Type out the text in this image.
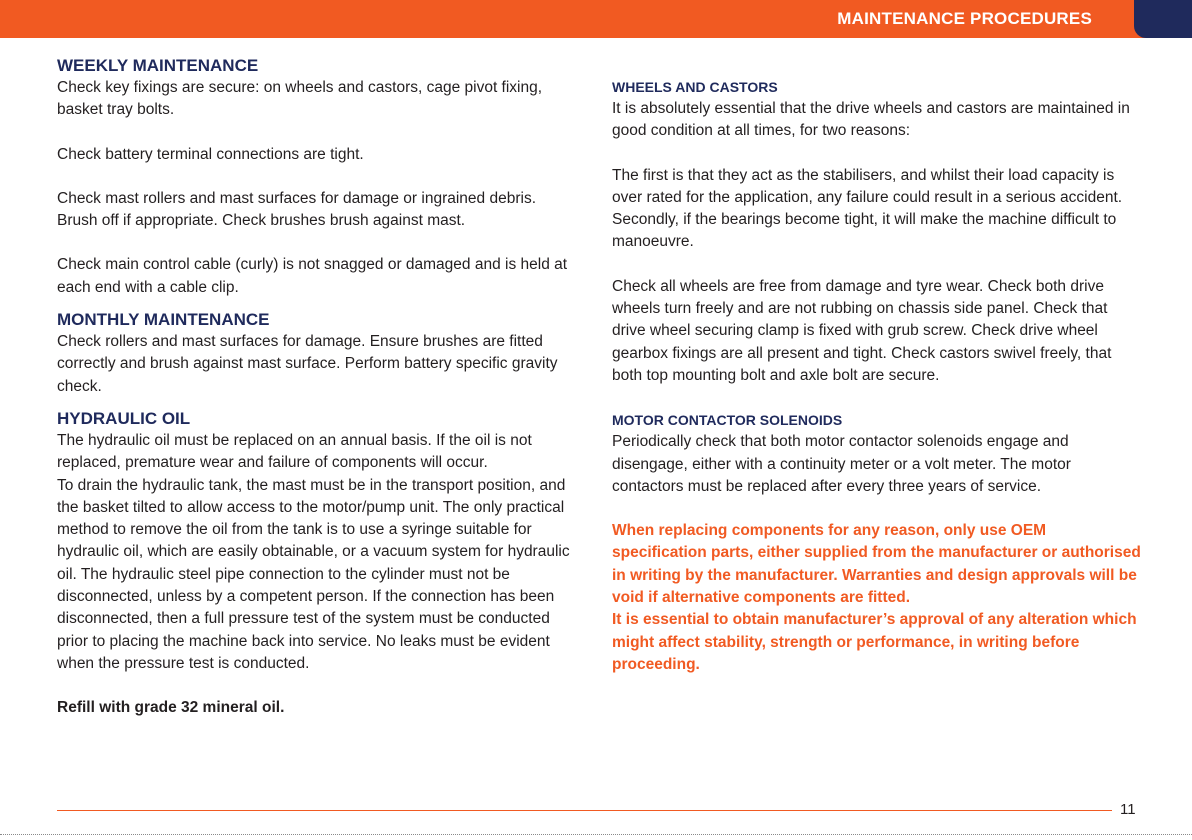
MAINTENANCE PROCEDURES
WEEKLY MAINTENANCE

Check key fixings are secure: on wheels and castors, cage pivot fixing, basket tray bolts.

Check battery terminal connections are tight.

Check mast rollers and mast surfaces for damage or ingrained debris. Brush off if appropriate. Check brushes brush against mast.

Check main control cable (curly) is not snagged or damaged and is held at each end with a cable clip.

MONTHLY MAINTENANCE

Check rollers and mast surfaces for damage. Ensure brushes are fitted correctly and brush against mast surface. Perform battery specific gravity check.

HYDRAULIC OIL

The hydraulic oil must be replaced on an annual basis. If the oil is not replaced, premature wear and failure of components will occur.

To drain the hydraulic tank, the mast must be in the transport position, and the basket tilted to allow access to the motor/pump unit. The only practical method to remove the oil from the tank is to use a syringe suitable for hydraulic oil, which are easily obtainable, or a vacuum system for hydraulic oil. The hydraulic steel pipe connection to the cylinder must not be disconnected, unless by a competent person. If the connection has been disconnected, then a full pressure test of the system must be conducted prior to placing the machine back into service. No leaks must be evident when the pressure test is conducted.

Refill with grade 32 mineral oil.

WHEELS AND CASTORS

It is absolutely essential that the drive wheels and castors are maintained in good condition at all times, for two reasons:

The first is that they act as the stabilisers, and whilst their load capacity is over rated for the application, any failure could result in a serious accident. Secondly, if the bearings become tight, it will make the machine difficult to manoeuvre.

Check all wheels are free from damage and tyre wear. Check both drive wheels turn freely and are not rubbing on chassis side panel. Check that drive wheel securing clamp is fixed with grub screw. Check drive wheel gearbox fixings are all present and tight. Check castors swivel freely, that both top mounting bolt and axle bolt are secure.

MOTOR CONTACTOR SOLENOIDS

Periodically check that both motor contactor solenoids engage and disengage, either with a continuity meter or a volt meter. The motor contactors must be replaced after every three years of service.

When replacing components for any reason, only use OEM specification parts, either supplied from the manufacturer or authorised in writing by the manufacturer. Warranties and design approvals will be void if alternative components are fitted.

It is essential to obtain manufacturer’s approval of any alteration which might affect stability, strength or performance, in writing before proceeding.

11
